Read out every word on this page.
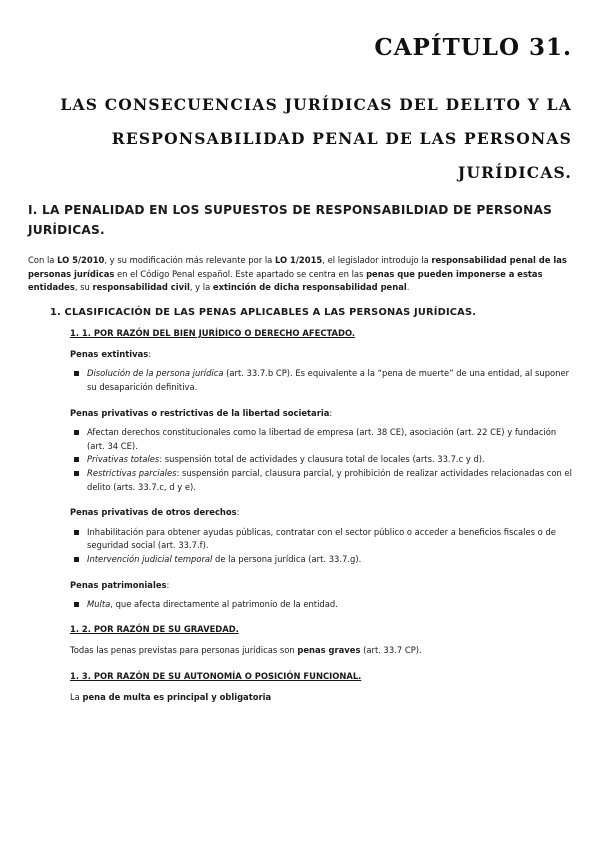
CAPÍTULO 31.
LAS CONSECUENCIAS JURÍDICAS DEL DELITO Y LA RESPONSABILIDAD PENAL DE LAS PERSONAS JURÍDICAS.
I. LA PENALIDAD EN LOS SUPUESTOS DE RESPONSABILDIAD DE PERSONAS JURÍDICAS.

Con la LO 5/2010, y su modificación más relevante por la LO 1/2015, el legislador introdujo la responsabilidad penal de las personas jurídicas en el Código Penal español. Este apartado se centra en las penas que pueden imponerse a estas entidades, su responsabilidad civil, y la extinción de dicha responsabilidad penal.

1. CLASIFICACIÓN DE LAS PENAS APLICABLES A LAS PERSONAS JURÍDICAS.
1. 1. POR RAZÓN DEL BIEN JURÍDICO O DERECHO AFECTADO.

Penas extintivas:

Disolución de la persona jurídica (art. 33.7.b CP). Es equivalente a la “pena de muerte” de una entidad, al suponer su desaparición definitiva.

Penas privativas o restrictivas de la libertad societaria:

Afectan derechos constitucionales como la libertad de empresa (art. 38 CE), asociación (art. 22 CE) y fundación (art. 34 CE).
Privativas totales: suspensión total de actividades y clausura total de locales (arts. 33.7.c y d).
Restrictivas parciales: suspensión parcial, clausura parcial, y prohibición de realizar actividades relacionadas con el delito (arts. 33.7.c, d y e).

Penas privativas de otros derechos:

Inhabilitación para obtener ayudas públicas, contratar con el sector público o acceder a beneficios fiscales o de seguridad social (art. 33.7.f).
Intervención judicial temporal de la persona jurídica (art. 33.7.g).

Penas patrimoniales:

Multa, que afecta directamente al patrimonio de la entidad.
1. 2. POR RAZÓN DE SU GRAVEDAD.

Todas las penas previstas para personas jurídicas son penas graves (art. 33.7 CP).

1. 3. POR RAZÓN DE SU AUTONOMÍA O POSICIÓN FUNCIONAL.

La pena de multa es principal y obligatoria
